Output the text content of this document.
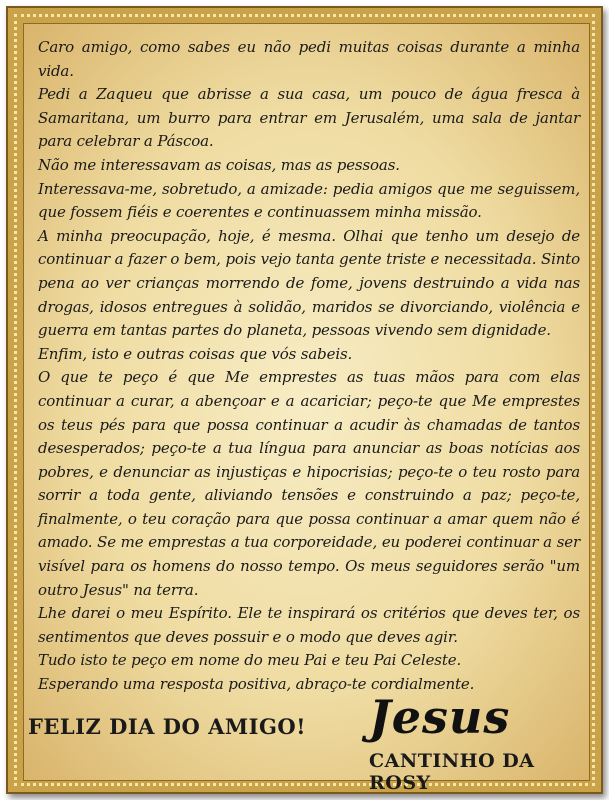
Caro amigo, como sabes eu não pedi muitas coisas durante a minha vida.

Pedi a Zaqueu que abrisse a sua casa, um pouco de água fresca à Samaritana, um burro para entrar em Jerusalém, uma sala de jantar para celebrar a Páscoa.

Não me interessavam as coisas, mas as pessoas.

Interessava-me, sobretudo, a amizade: pedia amigos que me seguissem, que fossem fiéis e coerentes e continuassem minha missão.

A minha preocupação, hoje, é mesma. Olhai que tenho um desejo de continuar a fazer o bem, pois vejo tanta gente triste e necessitada. Sinto pena ao ver crianças morrendo de fome, jovens destruindo a vida nas drogas, idosos entregues à solidão, maridos se divorciando, violência e guerra em tantas partes do planeta, pessoas vivendo sem dignidade.

Enfim, isto e outras coisas que vós sabeis.

O que te peço é que Me emprestes as tuas mãos para com elas continuar a curar, a abençoar e a acariciar; peço-te que Me emprestes os teus pés para que possa continuar a acudir às chamadas de tantos desesperados; peço-te a tua língua para anunciar as boas notícias aos pobres, e denunciar as injustiças e hipocrisias; peço-te o teu rosto para sorrir a toda gente, aliviando tensões e construindo a paz; peço-te, finalmente, o teu coração para que possa continuar a amar quem não é amado. Se me emprestas a tua corporeidade, eu poderei continuar a ser visível para os homens do nosso tempo. Os meus seguidores serão "um outro Jesus" na terra.

Lhe darei o meu Espírito. Ele te inspirará os critérios que deves ter, os sentimentos que deves possuir e o modo que deves agir.

Tudo isto te peço em nome do meu Pai e teu Pai Celeste.

Esperando uma resposta positiva, abraço-te cordialmente.

FELIZ DIA DO AMIGO! Jesus
CANTINHO DA ROSY
